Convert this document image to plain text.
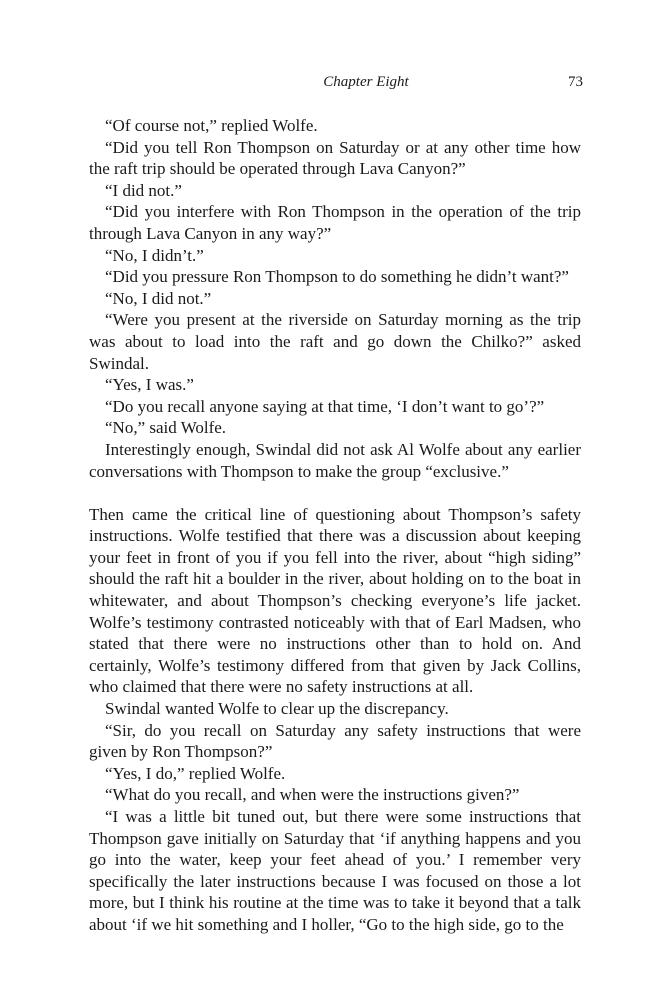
Chapter Eight	73

“Of course not,” replied Wolfe.

“Did you tell Ron Thompson on Saturday or at any other time how the raft trip should be operated through Lava Canyon?”

“I did not.”

“Did you interfere with Ron Thompson in the operation of the trip through Lava Canyon in any way?”

“No, I didn’t.”

“Did you pressure Ron Thompson to do something he didn’t want?”

“No, I did not.”

“Were you present at the riverside on Saturday morning as the trip was about to load into the raft and go down the Chilko?” asked Swindal.

“Yes, I was.”

“Do you recall anyone saying at that time, ‘I don’t want to go’?”

“No,” said Wolfe.

Interestingly enough, Swindal did not ask Al Wolfe about any earlier conversations with Thompson to make the group “exclusive.”

Then came the critical line of questioning about Thompson’s safety instructions. Wolfe testified that there was a discussion about keeping your feet in front of you if you fell into the river, about “high siding” should the raft hit a boulder in the river, about holding on to the boat in whitewater, and about Thompson’s checking everyone’s life jacket. Wolfe’s testimony contrasted noticeably with that of Earl Madsen, who stated that there were no instructions other than to hold on. And certainly, Wolfe’s testimony differed from that given by Jack Collins, who claimed that there were no safety instructions at all.

Swindal wanted Wolfe to clear up the discrepancy.

“Sir, do you recall on Saturday any safety instructions that were given by Ron Thompson?”

“Yes, I do,” replied Wolfe.

“What do you recall, and when were the instructions given?”

“I was a little bit tuned out, but there were some instructions that Thompson gave initially on Saturday that ‘if anything happens and you go into the water, keep your feet ahead of you.’ I remember very specifically the later instructions because I was focused on those a lot more, but I think his routine at the time was to take it beyond that a talk about ‘if we hit something and I holler, “Go to the high side, go to the
